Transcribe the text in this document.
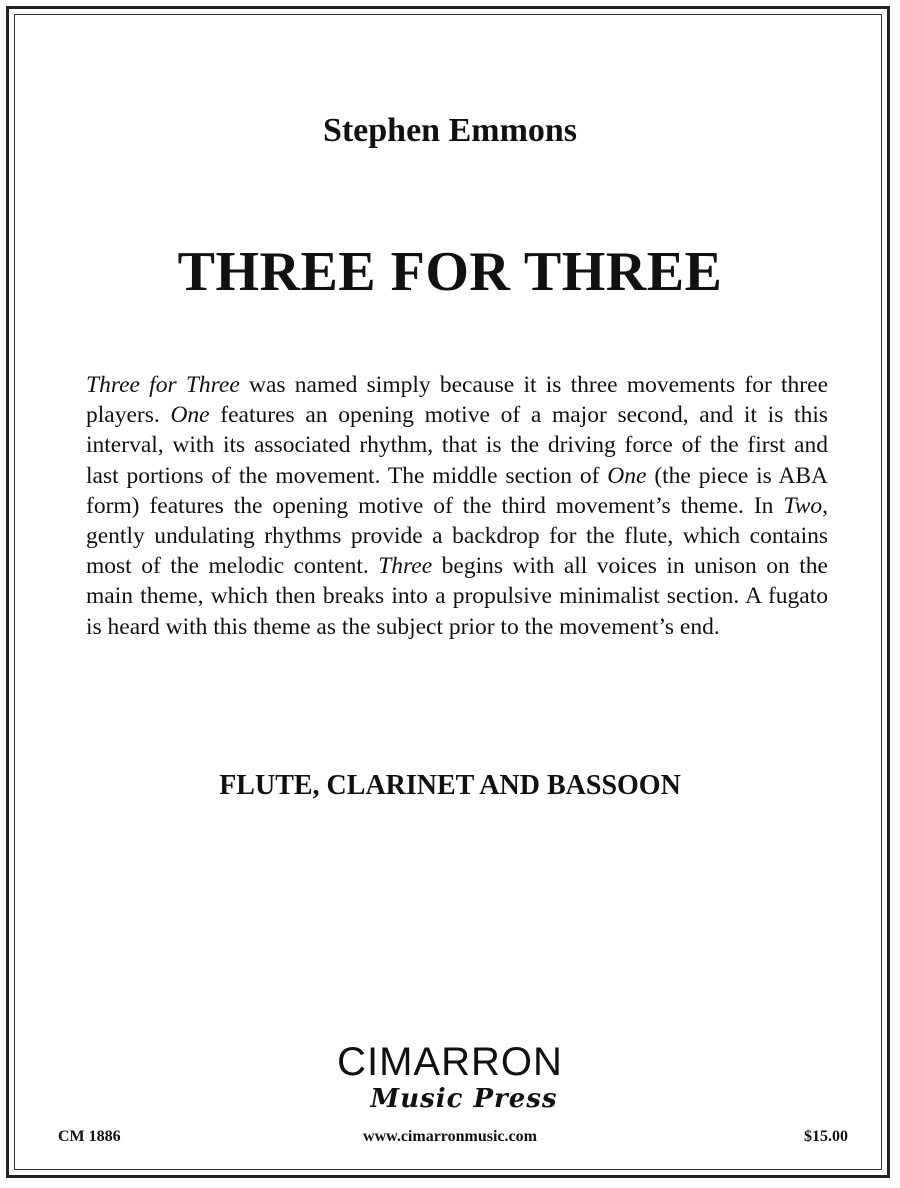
Stephen Emmons
THREE FOR THREE

Three for Three was named simply because it is three movements for three players. One features an opening motive of a major second, and it is this interval, with its associated rhythm, that is the driving force of the first and last portions of the movement. The middle section of One (the piece is ABA form) features the opening motive of the third movement’s theme. In Two, gently undulating rhythms provide a backdrop for the flute, which contains most of the melodic content. Three begins with all voices in unison on the main theme, which then breaks into a propulsive minimalist section. A fugato is heard with this theme as the subject prior to the movement’s end.

FLUTE, CLARINET AND BASSOON
CIMARRON
Music Press
CM 1886	www.cimarronmusic.com	$15.00
